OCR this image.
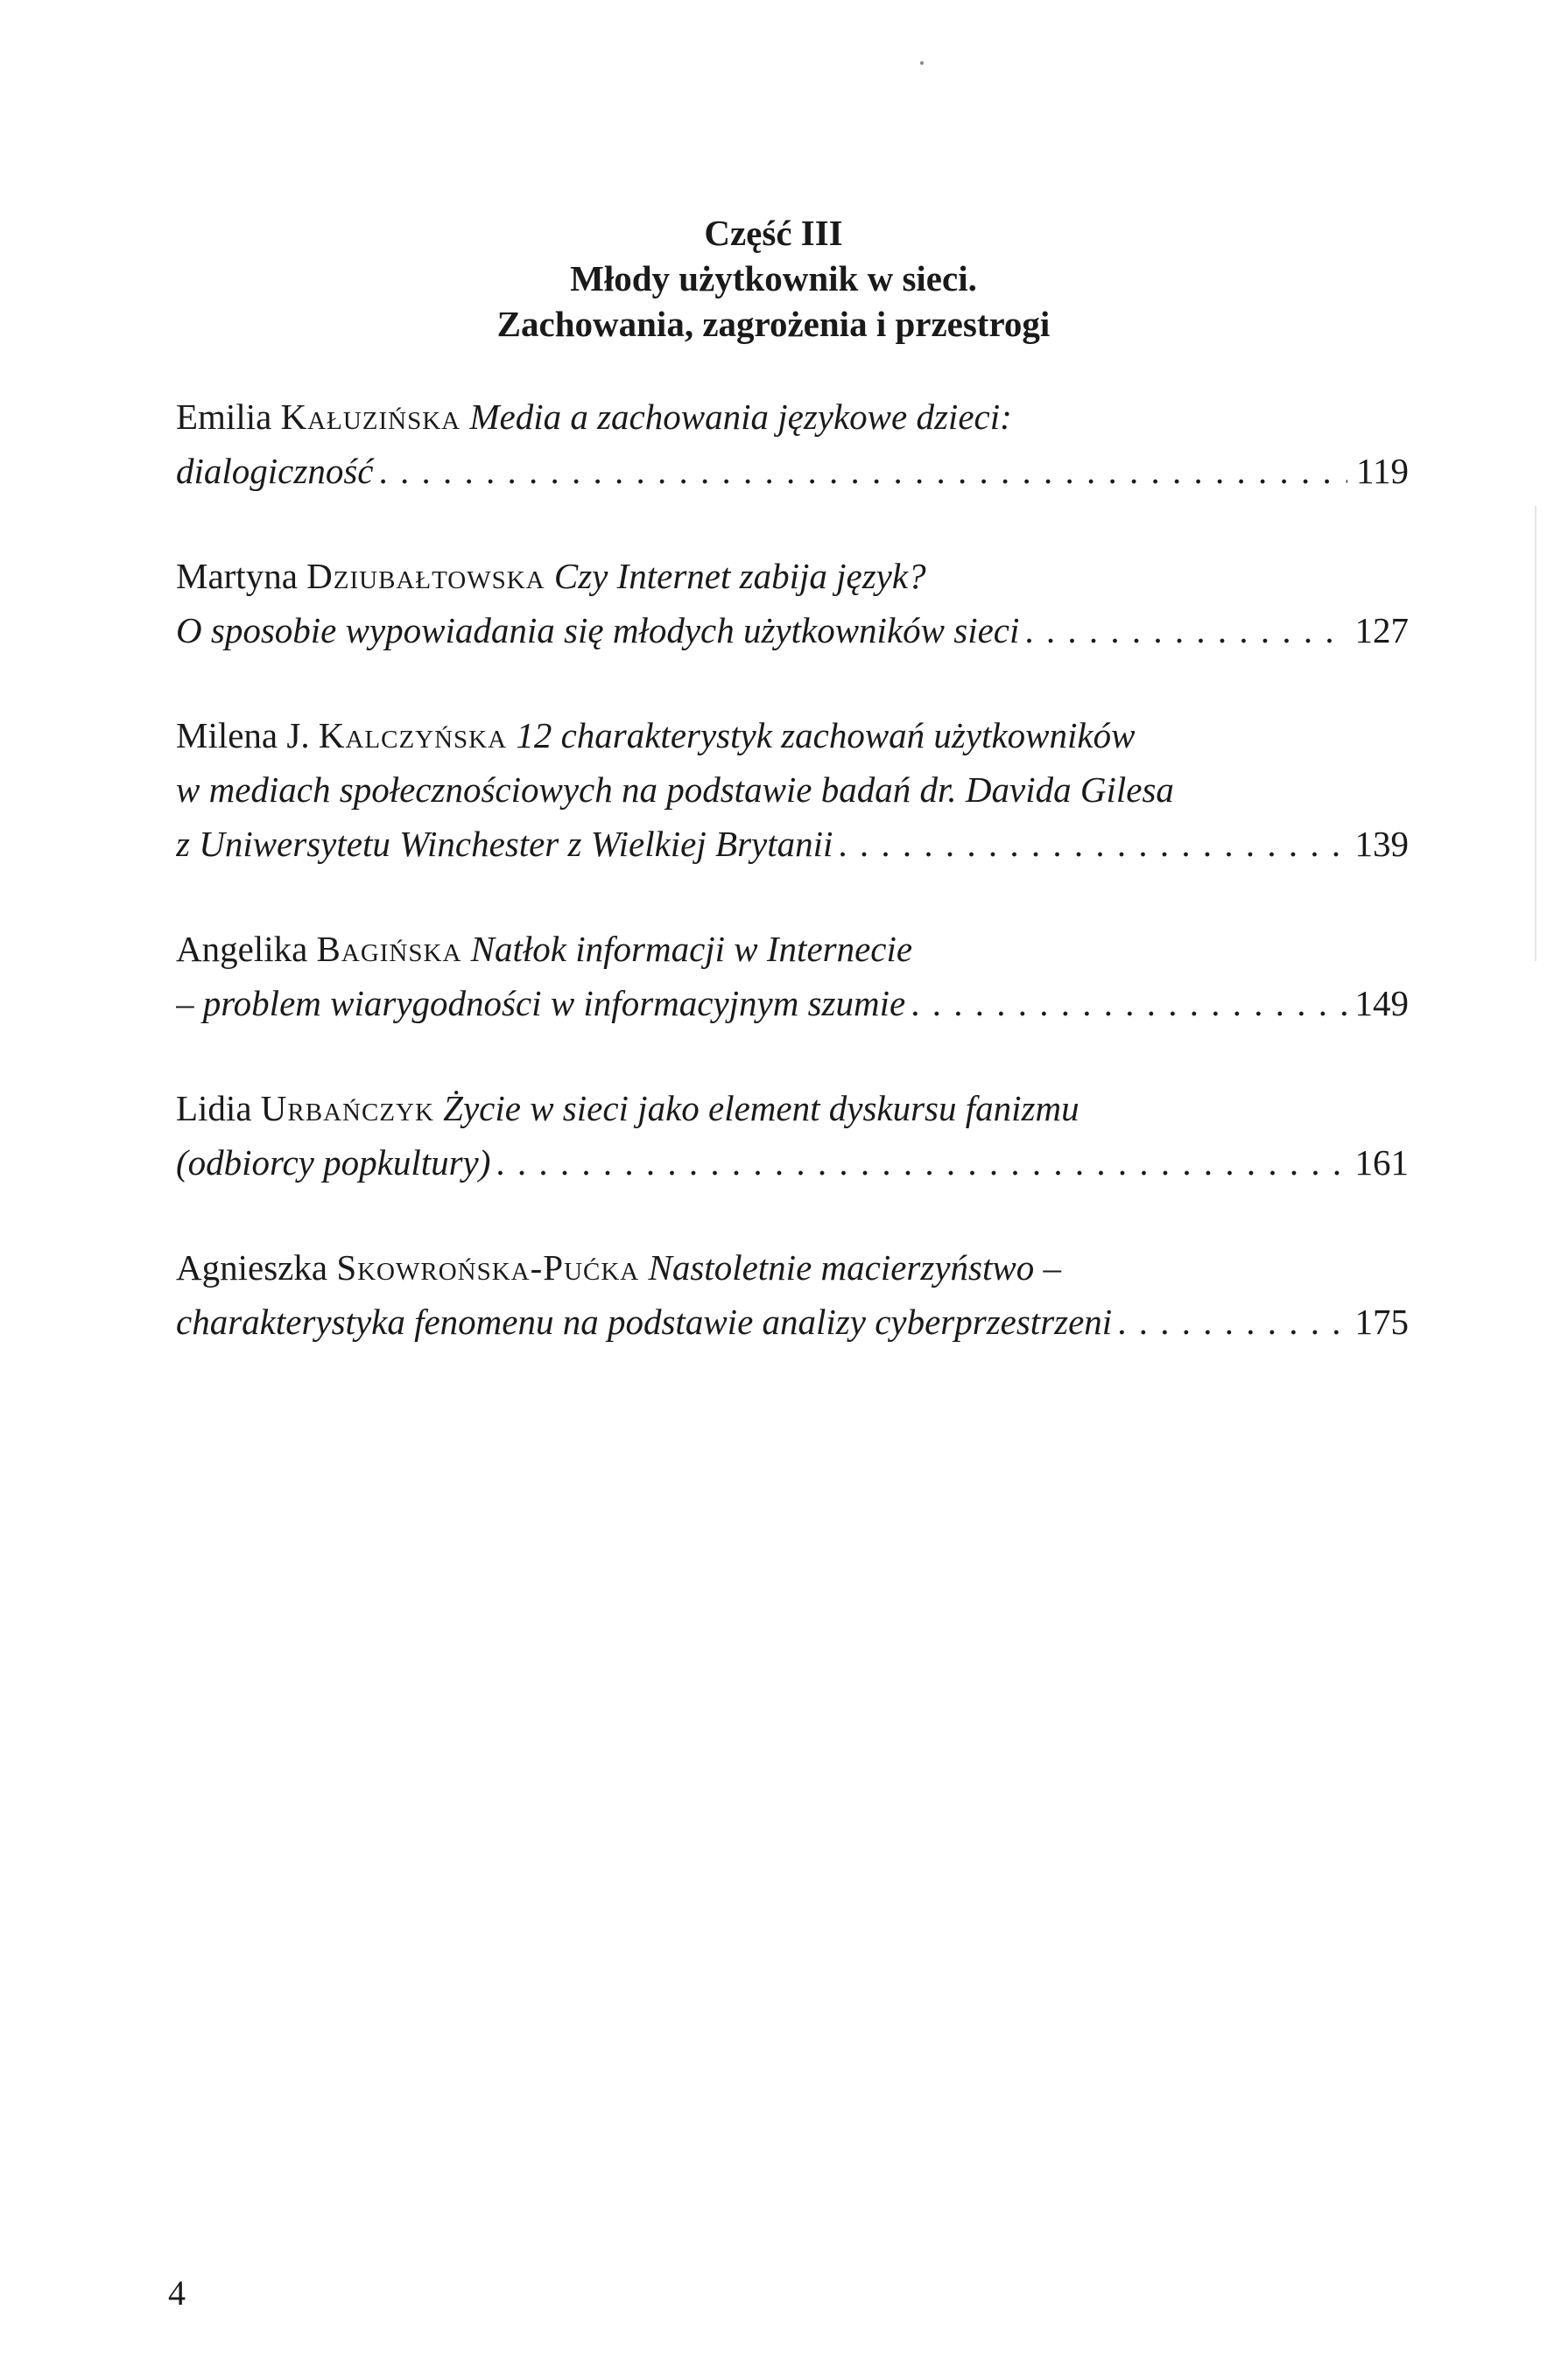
Część III
Młody użytkownik w sieci.
Zachowania, zagrożenia i przestrogi
Emilia Kałuzińska Media a zachowania językowe dzieci:
dialogiczność . . .	119
Martyna Dziubałtowska Czy Internet zabija język?
O sposobie wypowiadania się młodych użytkowników sieci . . .	127
Milena J. Kalczyńska 12 charakterystyk zachowań użytkowników
w mediach społecznościowych na podstawie badań dr. Davida Gilesa
z Uniwersytetu Winchester z Wielkiej Brytanii . . .	139
Angelika Bagińska Natłok informacji w Internecie
– problem wiarygodności w informacyjnym szumie . . .	149
Lidia Urbańczyk Życie w sieci jako element dyskursu fanizmu
(odbiorcy popkultury) . . .	161
Agnieszka Skowrońska-Pućka Nastoletnie macierzyństwo –
charakterystyka fenomenu na podstawie analizy cyberprzestrzeni . . .	175
4
